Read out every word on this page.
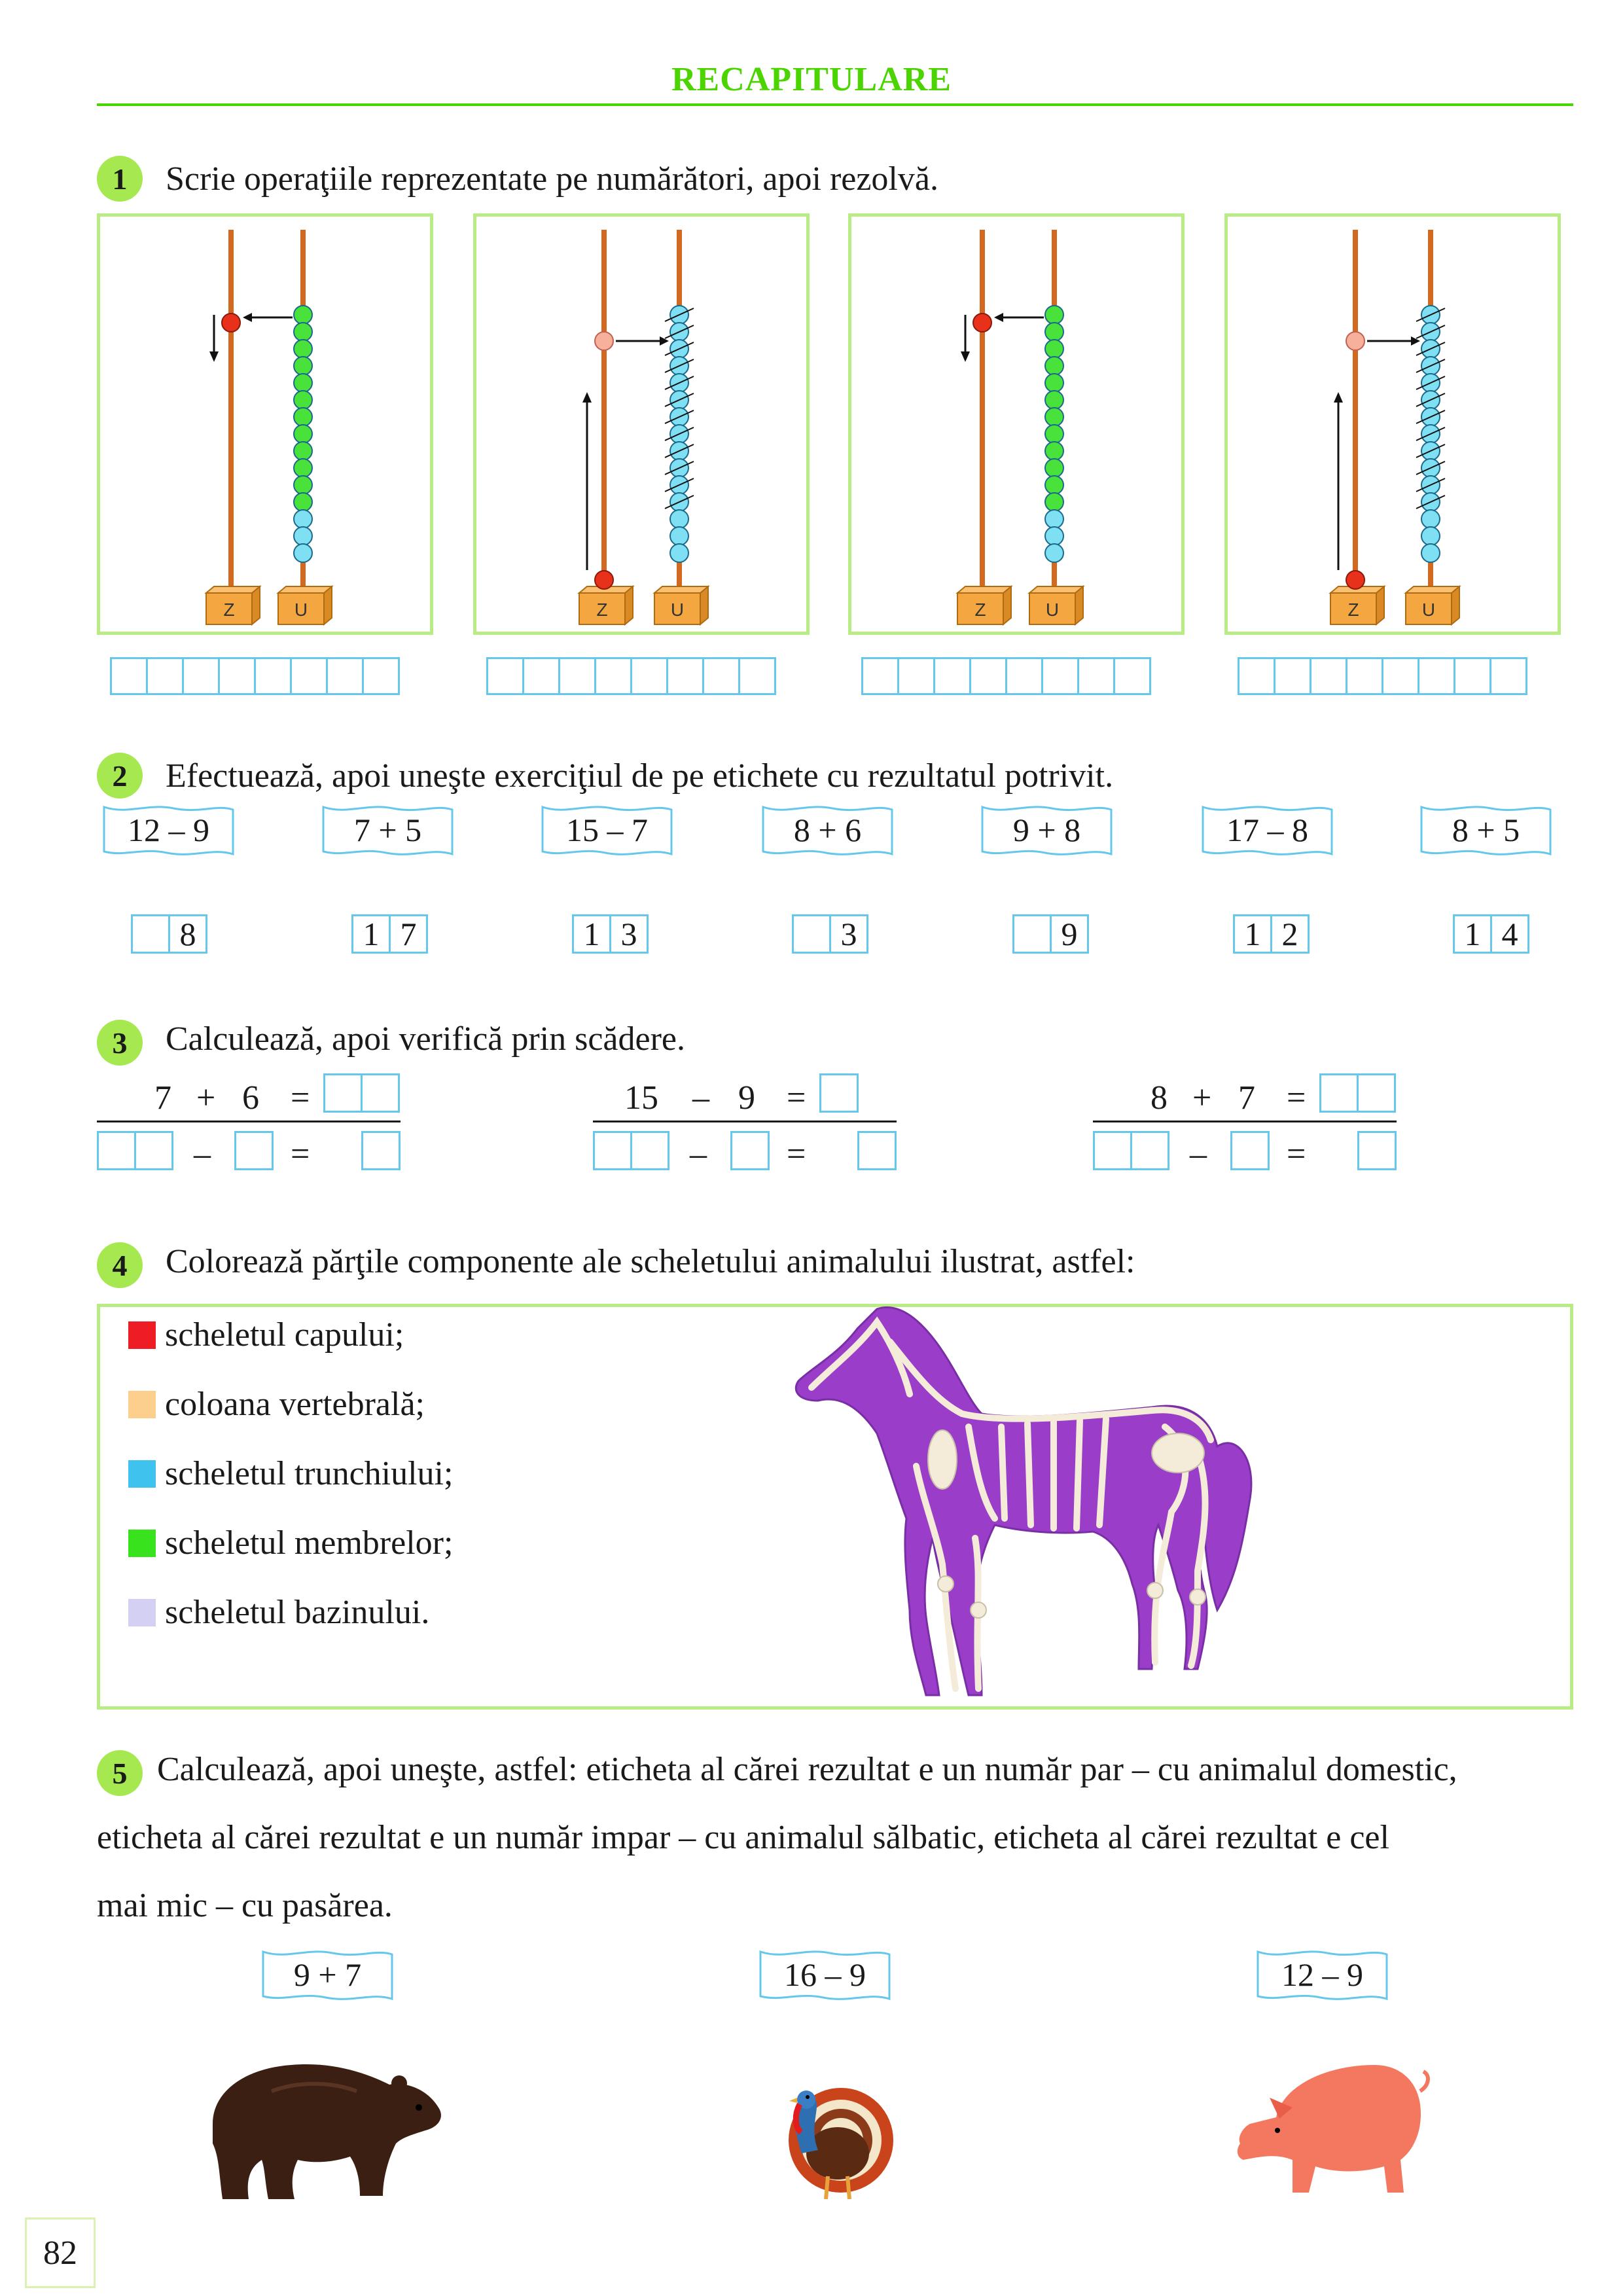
RECAPITULARE
1	Scrie operaţiile reprezentate pe numărători, apoi rezolvă.
2	Efectuează, apoi uneşte exerciţiul de pe etichete cu rezultatul potrivit.
3	Calculează, apoi verifică prin scădere.
4	Colorează părţile componente ale scheletului animalului ilustrat, astfel:
5 Calculează, apoi uneşte, astfel: eticheta al cărei rezultat e un număr par – cu animalul domestic,
eticheta al cărei rezultat e un număr impar – cu animalul sălbatic, eticheta al cărei rezultat e cel
mai mic – cu pasărea.
82
Z	U	Z	U	Z	U	Z	U
12 – 9	7 + 5	15 – 7	8 + 6	9 + 8	17 – 8	8 + 5
8	1 7	1 3	3	9	1 2	1 4
7 + 6 =
– =
15 – 9 =
– =
8 + 7 =
– =
scheletul capului;
coloana vertebrală;
scheletul trunchiului;
scheletul membrelor;
scheletul bazinului.
9 + 7	16 – 9	12 – 9
